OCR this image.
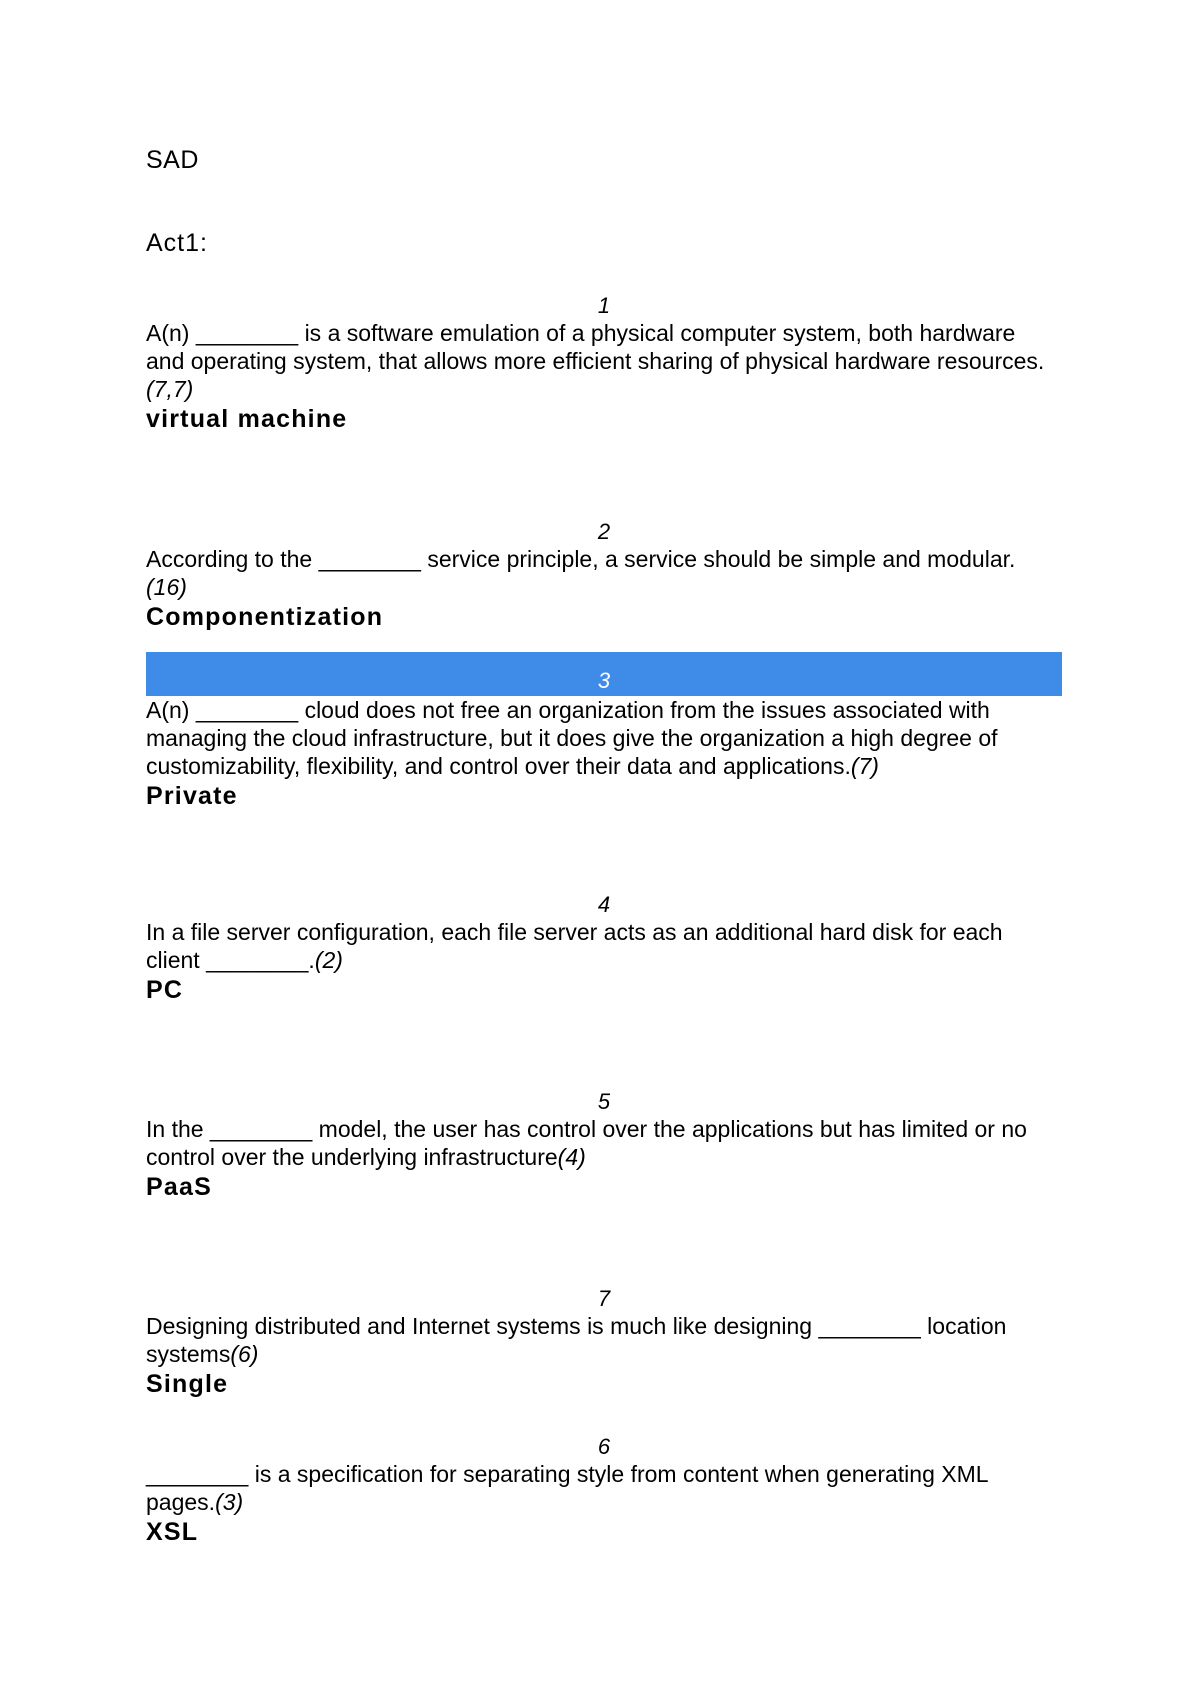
SAD
Act1:
1

A(n) ________ is a software emulation of a physical computer system, both hardware and operating system, that allows more efficient sharing of physical hardware resources.(7,7)

virtual machine
2

According to the ________ service principle, a service should be simple and modular.(16)

Componentization
3

A(n) ________ cloud does not free an organization from the issues associated with managing the cloud infrastructure, but it does give the organization a high degree of customizability, flexibility, and control over their data and applications.(7)

Private
4

In a file server configuration, each file server acts as an additional hard disk for each client ________.(2)

PC
5

In the ________ model, the user has control over the applications but has limited or no control over the underlying infrastructure(4)

PaaS
7

Designing distributed and Internet systems is much like designing ________ location systems(6)

Single
6

________ is a specification for separating style from content when generating XML pages.(3)

XSL
